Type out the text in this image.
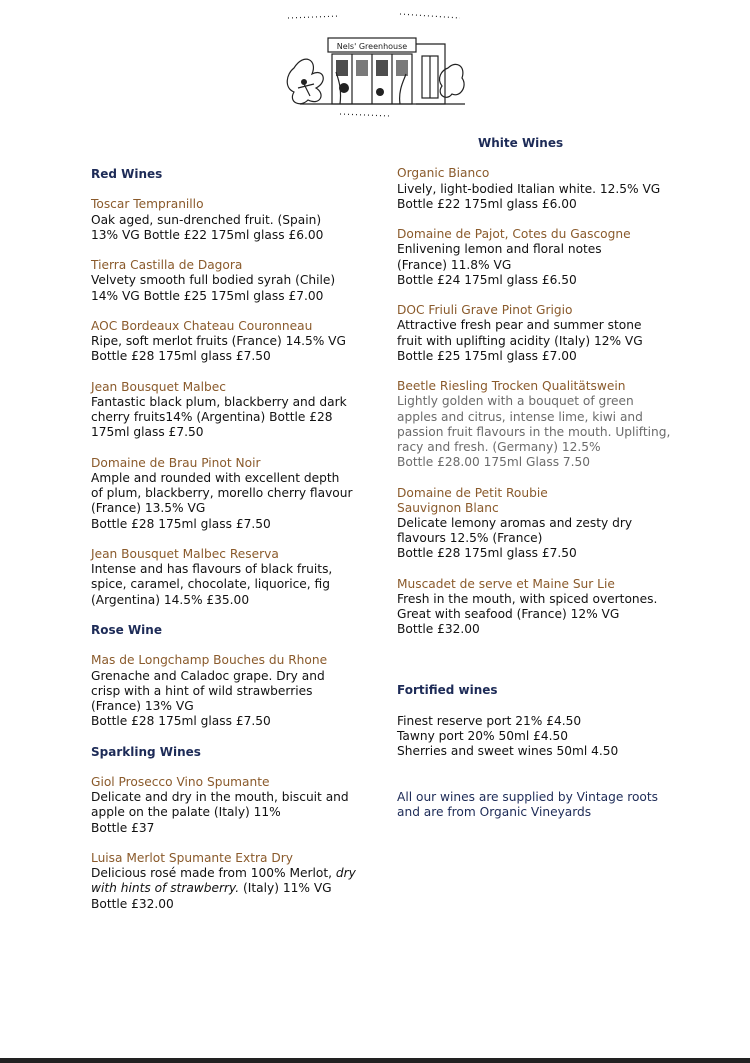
Nels' Greenhouse
Red Wines
Toscar Tempranillo
Oak aged, sun-drenched fruit. (Spain)
13% VG Bottle £22 175ml glass £6.00
Tierra Castilla de Dagora
Velvety smooth full bodied syrah (Chile)
14% VG Bottle £25 175ml glass £7.00
AOC Bordeaux Chateau Couronneau
Ripe, soft merlot fruits (France) 14.5% VG
Bottle £28 175ml glass £7.50
Jean Bousquet Malbec
Fantastic black plum, blackberry and dark
cherry fruits14% (Argentina) Bottle £28
175ml glass £7.50
Domaine de Brau Pinot Noir
Ample and rounded with excellent depth
of plum, blackberry, morello cherry flavour
(France) 13.5% VG
Bottle £28 175ml glass £7.50
Jean Bousquet Malbec Reserva
Intense and has flavours of black fruits,
spice, caramel, chocolate, liquorice, fig
(Argentina) 14.5% £35.00
Rose Wine
Mas de Longchamp Bouches du Rhone
Grenache and Caladoc grape. Dry and
crisp with a hint of wild strawberries
(France) 13% VG
Bottle £28 175ml glass £7.50
Sparkling Wines
Giol Prosecco Vino Spumante
Delicate and dry in the mouth, biscuit and
apple on the palate (Italy) 11%
Bottle £37
Luisa Merlot Spumante Extra Dry
Delicious rosé made from 100% Merlot, dry
with hints of strawberry. (Italy) 11% VG
Bottle £32.00
White Wines
Organic Bianco
Lively, light-bodied Italian white. 12.5% VG
Bottle £22 175ml glass £6.00
Domaine de Pajot, Cotes du Gascogne
Enlivening lemon and floral notes
(France) 11.8% VG
Bottle £24 175ml glass £6.50
DOC Friuli Grave Pinot Grigio
Attractive fresh pear and summer stone
fruit with uplifting acidity (Italy) 12% VG
Bottle £25 175ml glass £7.00
Beetle Riesling Trocken Qualitätswein
Lightly golden with a bouquet of green
apples and citrus, intense lime, kiwi and
passion fruit flavours in the mouth. Uplifting,
racy and fresh. (Germany) 12.5%
Bottle £28.00 175ml Glass 7.50
Domaine de Petit Roubie
Sauvignon Blanc
Delicate lemony aromas and zesty dry
flavours 12.5% (France)
Bottle £28 175ml glass £7.50
Muscadet de serve et Maine Sur Lie
Fresh in the mouth, with spiced overtones.
Great with seafood (France) 12% VG
Bottle £32.00
Fortified wines
Finest reserve port 21% £4.50
Tawny port 20% 50ml £4.50
Sherries and sweet wines 50ml 4.50
All our wines are supplied by Vintage roots
and are from Organic Vineyards
